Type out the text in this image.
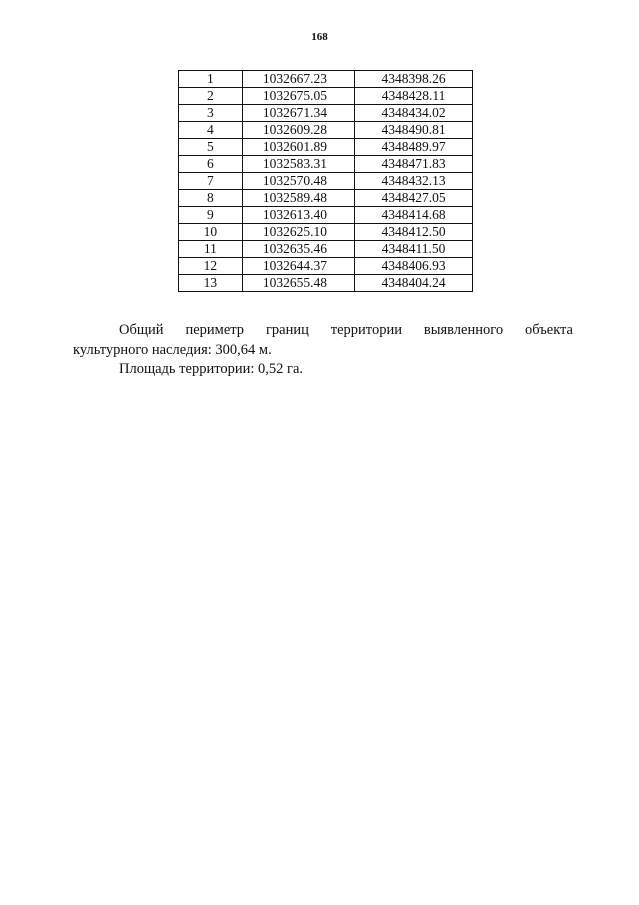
168
1	1032667.23	4348398.26
2	1032675.05	4348428.11
3	1032671.34	4348434.02
4	1032609.28	4348490.81
5	1032601.89	4348489.97
6	1032583.31	4348471.83
7	1032570.48	4348432.13
8	1032589.48	4348427.05
9	1032613.40	4348414.68
10	1032625.10	4348412.50
11	1032635.46	4348411.50
12	1032644.37	4348406.93
13	1032655.48	4348404.24
Общий периметр границ территории выявленного объекта
культурного наследия: 300,64 м.
Площадь территории: 0,52 га.
